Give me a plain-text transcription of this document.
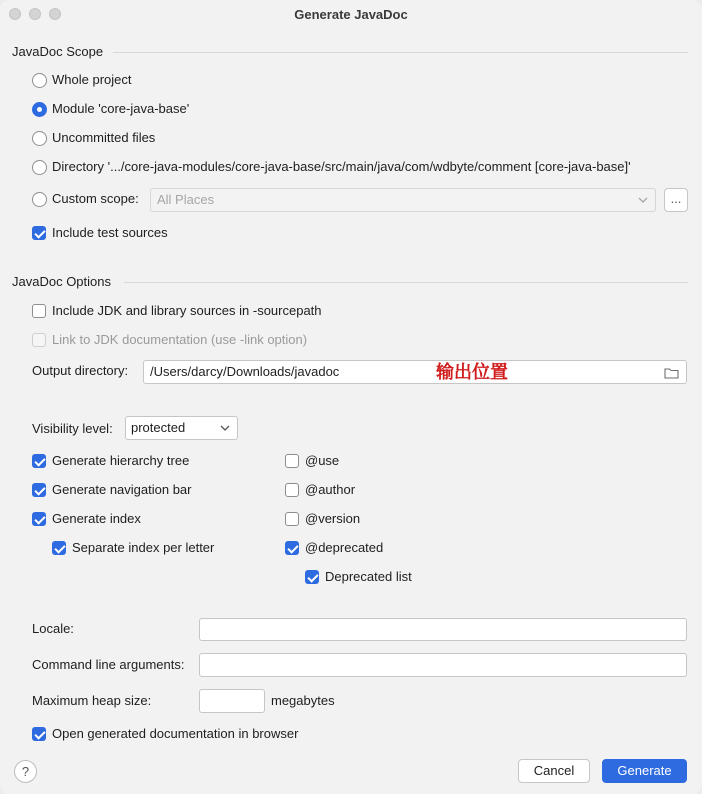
Generate JavaDoc
JavaDoc Scope
Whole project
Module 'core-java-base'
Uncommitted files
Directory '.../core-java-modules/core-java-base/src/main/java/com/wdbyte/comment [core-java-base]'
Custom scope:	All Places	...
Include test sources
JavaDoc Options
Include JDK and library sources in -sourcepath
Link to JDK documentation (use -link option)
Output directory:	/Users/darcy/Downloads/javadoc	输出位置
Visibility level:	protected
Generate hierarchy tree
Generate navigation bar
Generate index
Separate index per letter
@use
@author
@version
@deprecated
Deprecated list
Locale:
Command line arguments:
Maximum heap size:	megabytes
Open generated documentation in browser
?	Cancel	Generate
